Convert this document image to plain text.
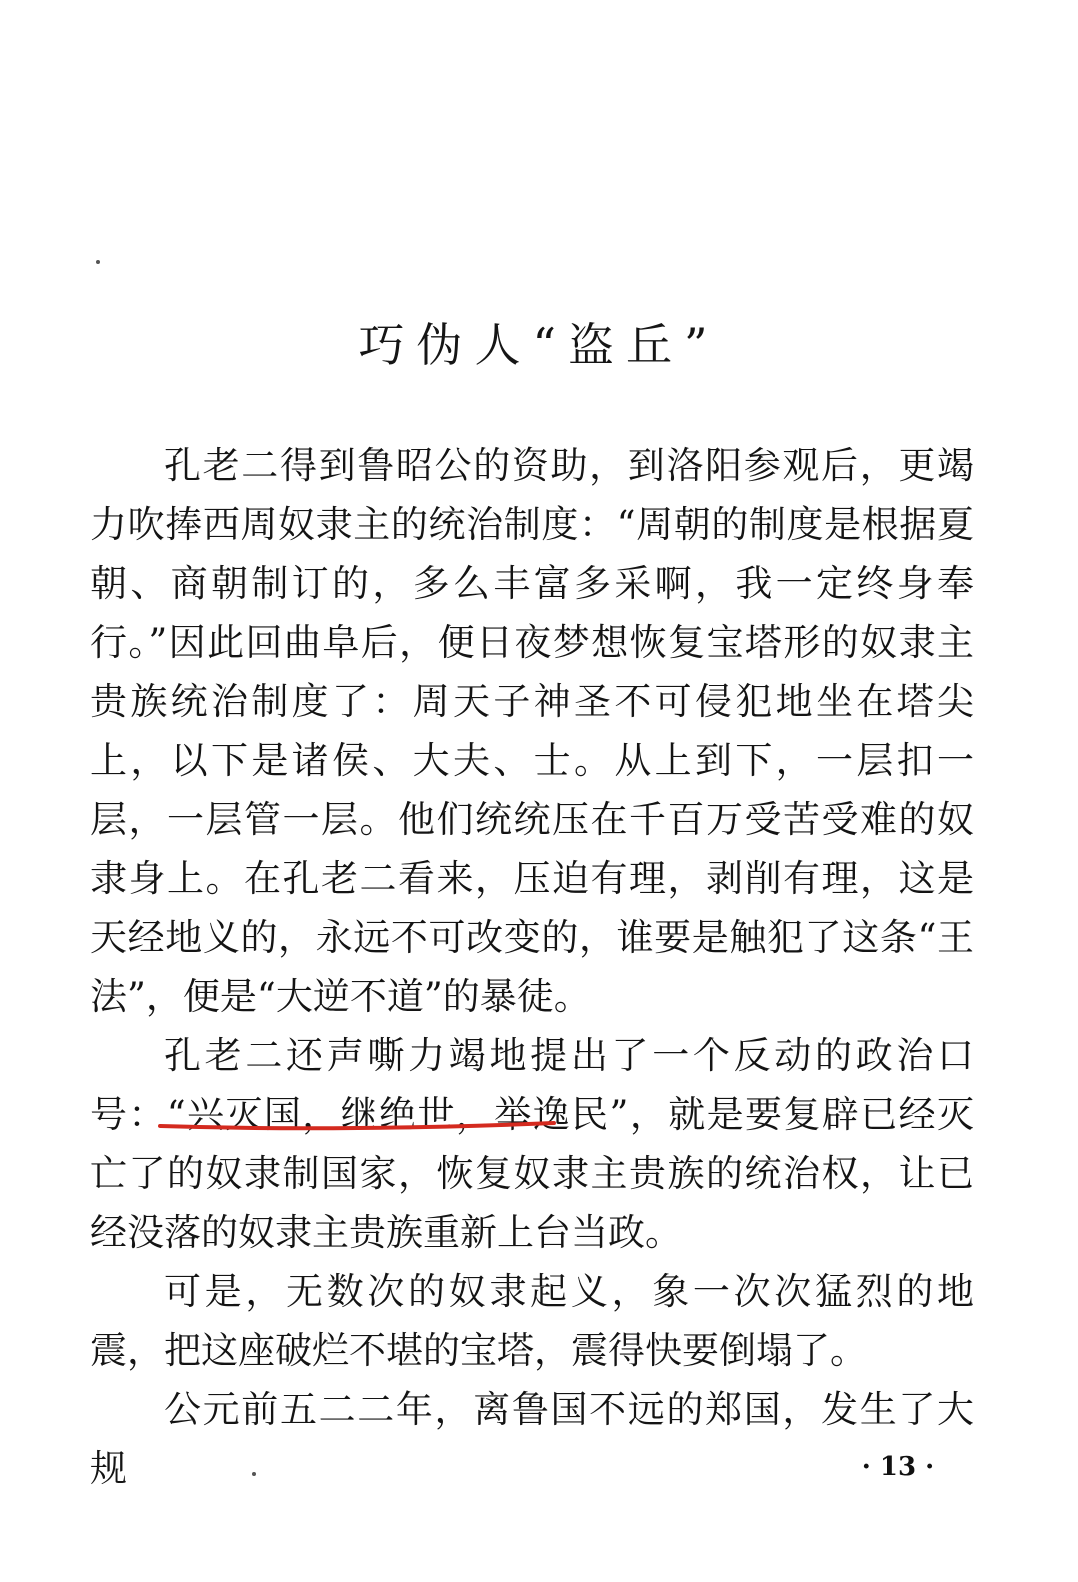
巧伪人“盗丘”

孔老二得到鲁昭公的资助，到洛阳参观后，更竭力吹捧西周奴隶主的统治制度：“周朝的制度是根据夏朝、商朝制订的，多么丰富多采啊，我一定终身奉行。”因此回曲阜后，便日夜梦想恢复宝塔形的奴隶主贵族统治制度了：周天子神圣不可侵犯地坐在塔尖上，以下是诸侯、大夫、士。从上到下，一层扣一层，一层管一层。他们统统压在千百万受苦受难的奴隶身上。在孔老二看来，压迫有理，剥削有理，这是天经地义的，永远不可改变的，谁要是触犯了这条“王法”，便是“大逆不道”的暴徒。

孔老二还声嘶力竭地提出了一个反动的政治口号：“兴灭国，继绝世，举逸民”，就是要复辟已经灭亡了的奴隶制国家，恢复奴隶主贵族的统治权，让已经没落的奴隶主贵族重新上台当政。

可是，无数次的奴隶起义，象一次次猛烈的地震，把这座破烂不堪的宝塔，震得快要倒塌了。

公元前五二二年，离鲁国不远的郑国，发生了大规	· 13 ·
